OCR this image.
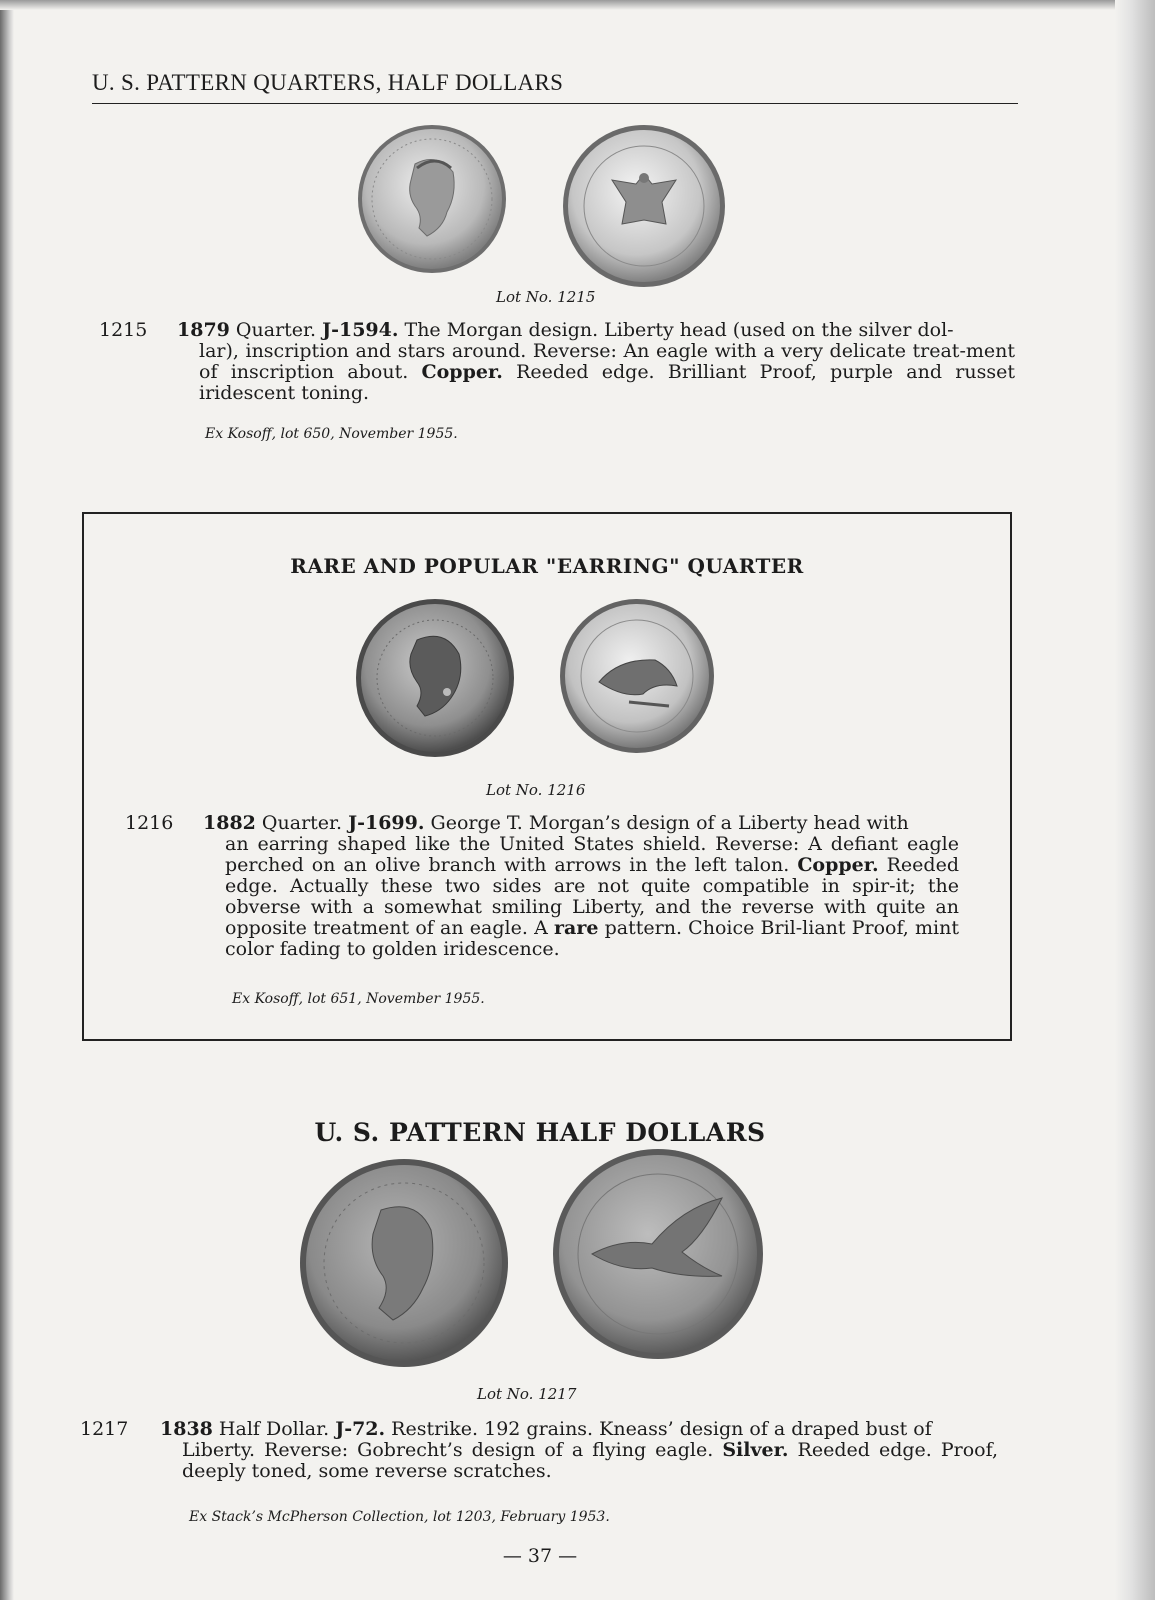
U. S. PATTERN QUARTERS, HALF DOLLARS
Lot No. 1215
1215 1879 Quarter. J-1594. The Morgan design. Liberty head (used on the silver dol-
lar), inscription and stars around. Reverse: An eagle with a very delicate treat-ment of inscription about. Copper. Reeded edge. Brilliant Proof, purple and russet iridescent toning.
Ex Kosoff, lot 650, November 1955.
RARE AND POPULAR "EARRING" QUARTER
Lot No. 1216
1216 1882 Quarter. J-1699. George T. Morgan’s design of a Liberty head with
an earring shaped like the United States shield. Reverse: A defiant eagle perched on an olive branch with arrows in the left talon. Copper. Reeded edge. Actually these two sides are not quite compatible in spir-it; the obverse with a somewhat smiling Liberty, and the reverse with quite an opposite treatment of an eagle. A rare pattern. Choice Bril-liant Proof, mint color fading to golden iridescence.
Ex Kosoff, lot 651, November 1955.
U. S. PATTERN HALF DOLLARS
Lot No. 1217
1217 1838 Half Dollar. J-72. Restrike. 192 grains. Kneass’ design of a draped bust of
Liberty. Reverse: Gobrecht’s design of a flying eagle. Silver. Reeded edge. Proof, deeply toned, some reverse scratches.
Ex Stack’s McPherson Collection, lot 1203, February 1953.
— 37 —
